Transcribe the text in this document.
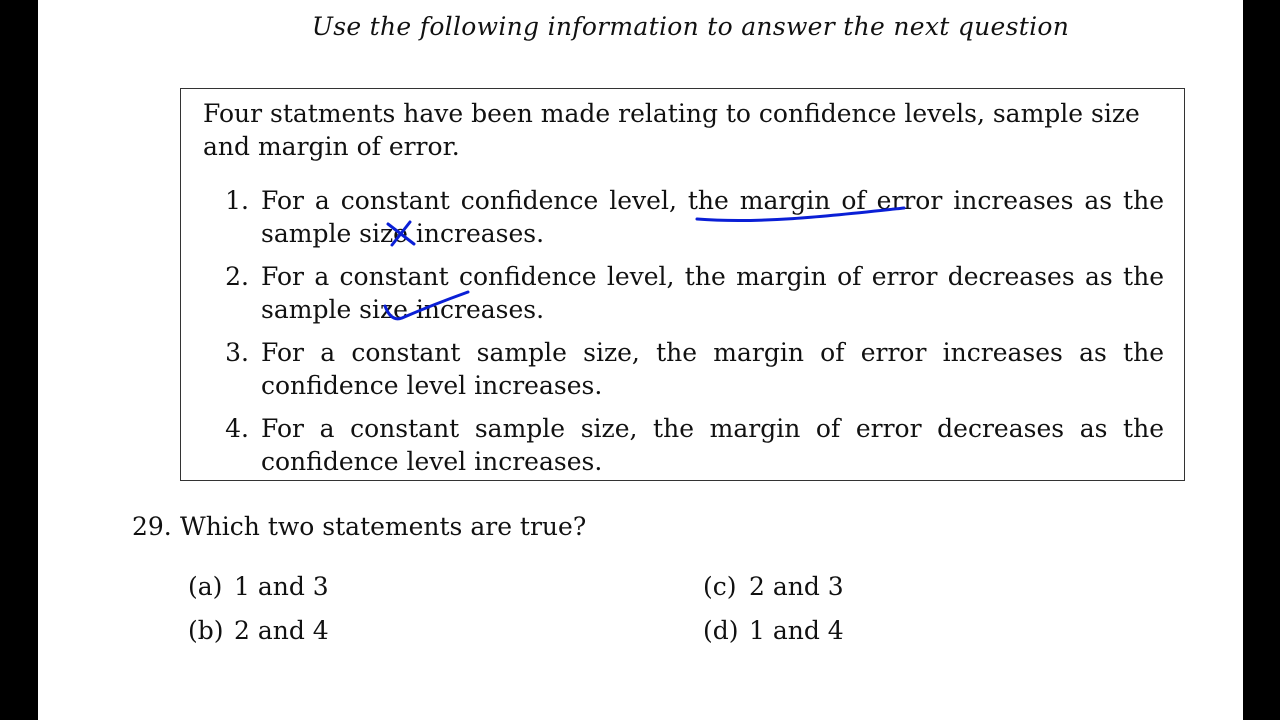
Use the following information to answer the next question
Four statments have been made relating to confidence levels, sample size and margin of error.
1. For a constant confidence level, the margin of error increases as the sample size increases.
2. For a constant confidence level, the margin of error decreases as the sample size increases.
3. For a constant sample size, the margin of error increases as the confidence level increases.
4. For a constant sample size, the margin of error decreases as the confidence level increases.
29. Which two statements are true?
(a) 1 and 3	(c) 2 and 3
(b) 2 and 4	(d) 1 and 4
